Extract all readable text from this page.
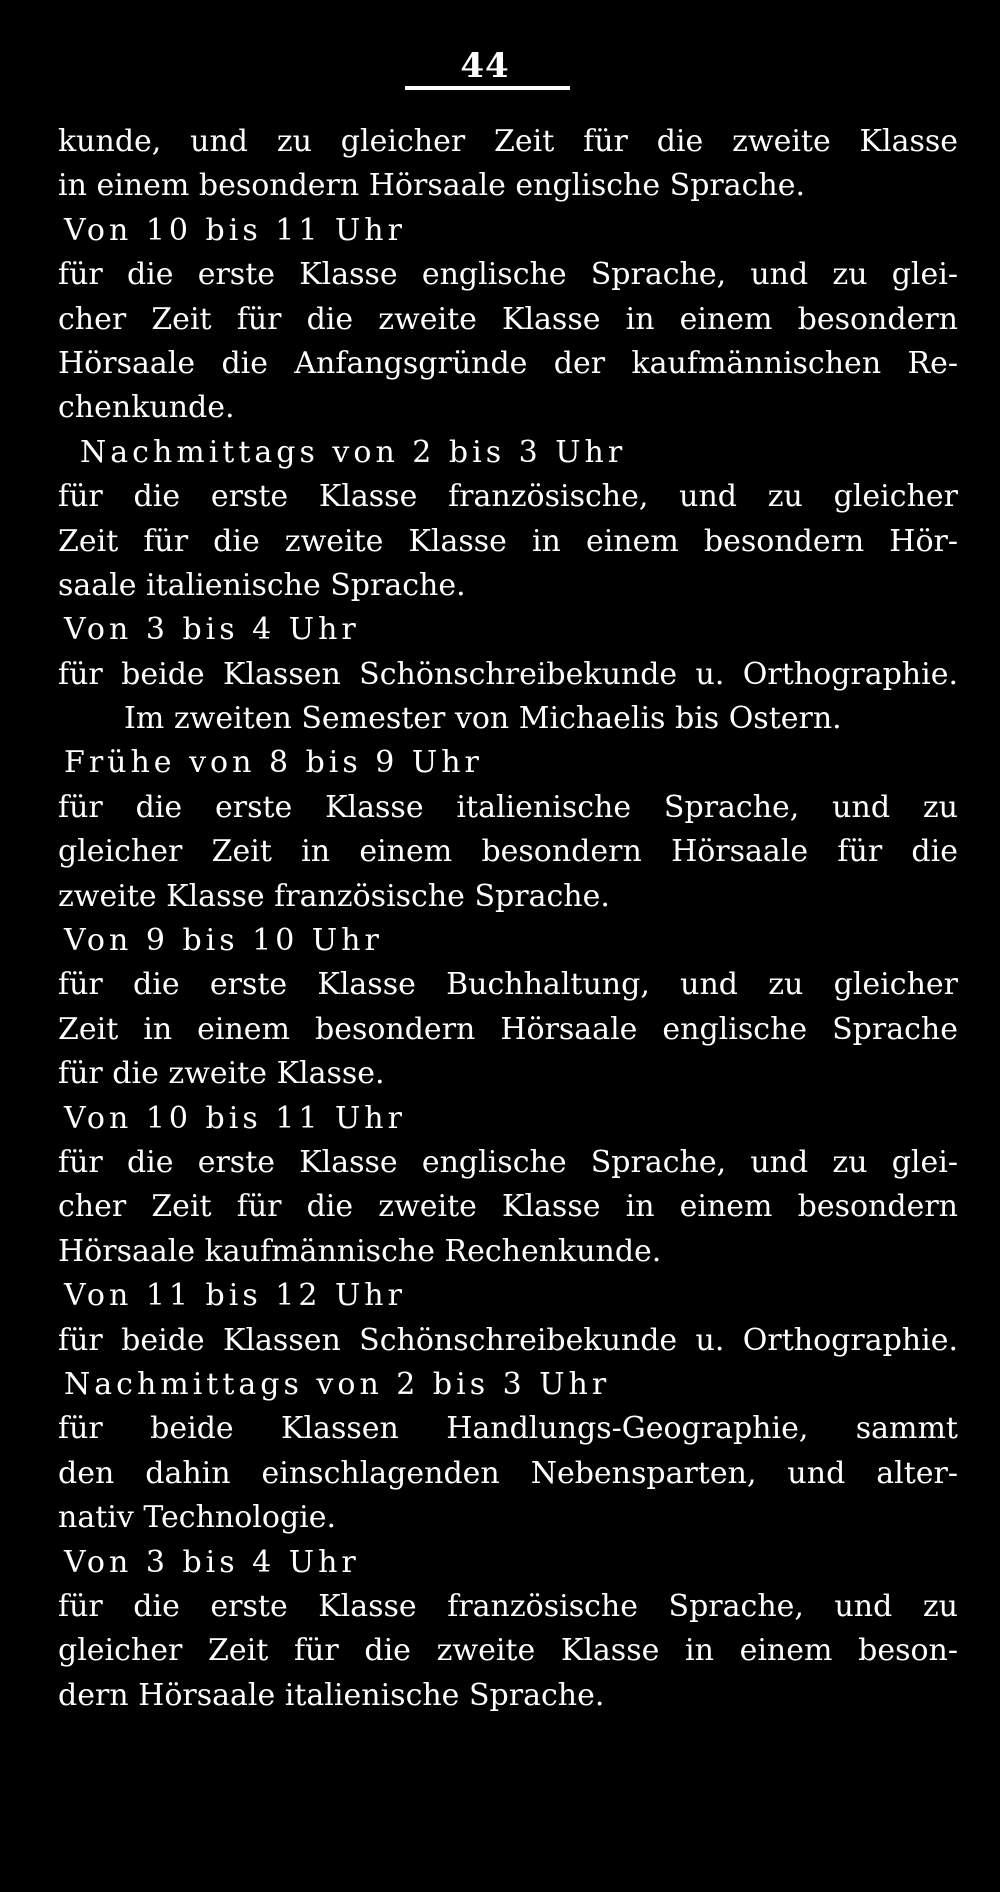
44
kunde, und zu gleicher Zeit für die zweite Klasse
in einem besondern Hörsaale englische Sprache.
Von 10 bis 11 Uhr
für die erste Klasse englische Sprache, und zu glei-
cher Zeit für die zweite Klasse in einem besondern
Hörsaale die Anfangsgründe der kaufmännischen Re-
chenkunde.
Nachmittags von 2 bis 3 Uhr
für die erste Klasse französische, und zu gleicher
Zeit für die zweite Klasse in einem besondern Hör-
saale italienische Sprache.
Von 3 bis 4 Uhr
für beide Klassen Schönschreibekunde u. Orthographie.
Im zweiten Semester von Michaelis bis Ostern.
Frühe von 8 bis 9 Uhr
für die erste Klasse italienische Sprache, und zu
gleicher Zeit in einem besondern Hörsaale für die
zweite Klasse französische Sprache.
Von 9 bis 10 Uhr
für die erste Klasse Buchhaltung, und zu gleicher
Zeit in einem besondern Hörsaale englische Sprache
für die zweite Klasse.
Von 10 bis 11 Uhr
für die erste Klasse englische Sprache, und zu glei-
cher Zeit für die zweite Klasse in einem besondern
Hörsaale kaufmännische Rechenkunde.
Von 11 bis 12 Uhr
für beide Klassen Schönschreibekunde u. Orthographie.
Nachmittags von 2 bis 3 Uhr
für beide Klassen Handlungs-Geographie, sammt
den dahin einschlagenden Nebensparten, und alter-
nativ Technologie.
Von 3 bis 4 Uhr
für die erste Klasse französische Sprache, und zu
gleicher Zeit für die zweite Klasse in einem beson-
dern Hörsaale italienische Sprache.
